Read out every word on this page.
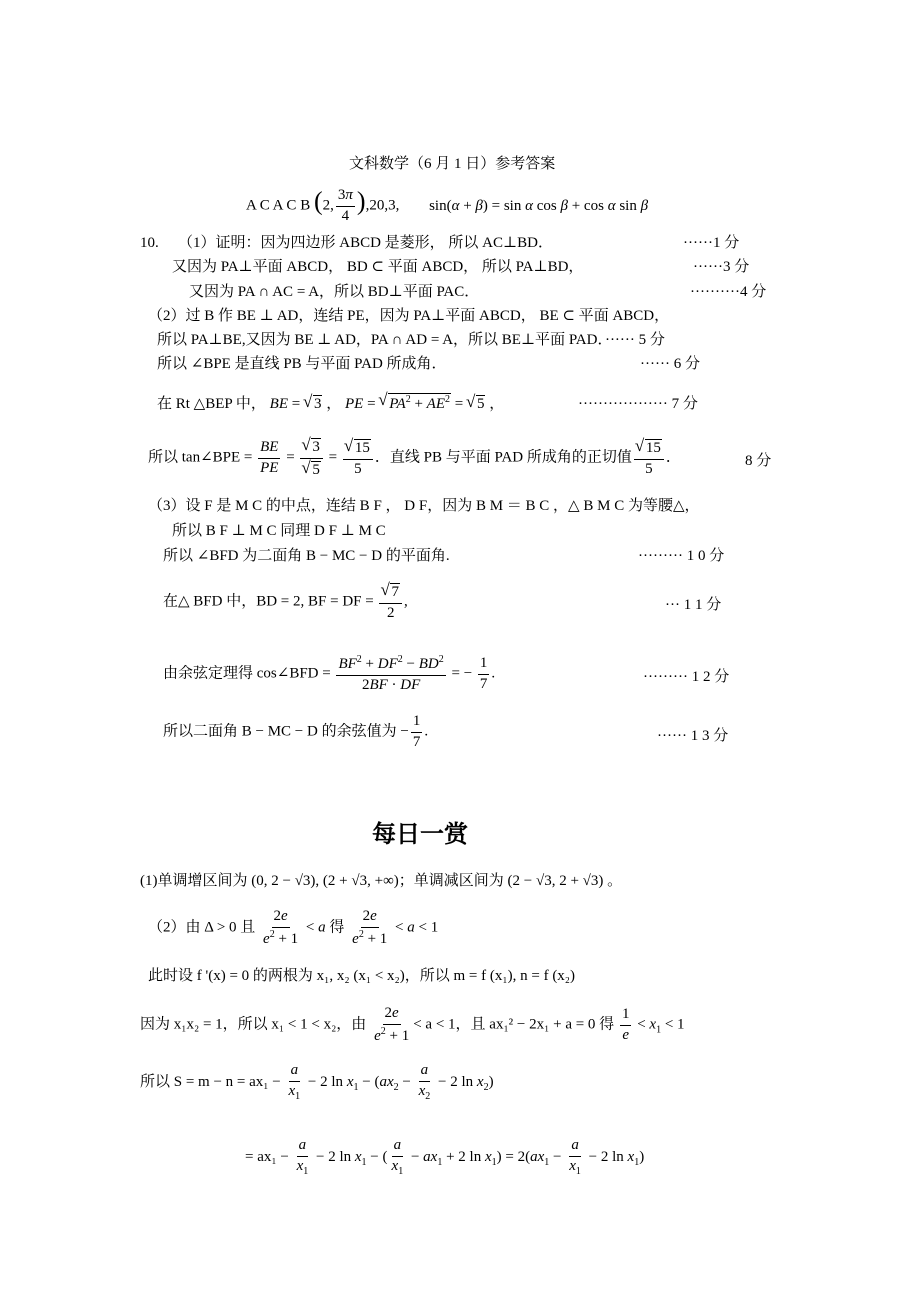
文科数学（6 月 1 日）参考答案
A C A C B (2, $\frac{3\pi}{4} ),20,3$, sin(α + β) = sin α cos β + cos α sin β
10. （1）证明：因为四边形 ABCD 是菱形， 所以 AC⊥BD．	······1 分
又因为 PA⊥平面 ABCD， BD ⊂ 平面 ABCD， 所以 PA⊥BD，	······3 分
又因为 PA ∩ AC = A，所以 BD⊥平面 PAC．	··········4 分
（2）过 B 作 BE ⊥ AD，连结 PE，因为 PA⊥平面 ABCD， BE ⊂ 平面 ABCD，
所以 PA⊥BE,又因为 BE ⊥ AD，PA ∩ AD = A，所以 BE⊥平面 PAD．······ 5 分
所以 ∠BPE 是直线 PB 与平面 PAD 所成角．	······ 6 分
在 Rt △BEP 中， BE = √ 3 ， PE = √ $PA^2 + AE^2$ = √ 5 ，	·················· 7 分
所以 tan∠BPE = $\frac{BE}{PE}$ = √ 3
√ 5 = √ $\frac{15}{5}$ ．直线 PB 与平面 PAD 所成角的正切值 √ $\frac{15}{5}$ ．	8 分
（3）设 F 是 M C 的中点，连结 B F ， D F，因为 B M ＝ B C ，△ B M C 为等腰△，
所以 B F ⊥ M C 同理 D F ⊥ M C
所以 ∠BFD 为二面角 B − MC − D 的平面角.	········· 1 0 分
在△ BFD 中，BD = 2, BF = DF = √ $\frac{7}{2}$ ,	··· 1 1 分
由余弦定理得 cos∠BFD = $\frac{BF^2 + DF^2 - BD^2}{2BF \cdot DF}$ = − $\frac{1}{7}$ .	········· 1 2 分
所以二面角 B − MC − D 的余弦值为 − $\frac{1}{7}$ .	······ 1 3 分
每日一赏
(1)单调增区间为 (0, 2 − √3), (2 + √3, +∞)；单调减区间为 (2 − √3, 2 + √3) 。
（2）由 Δ > 0 且 $\frac{2e}{e^2 + 1} < a$ 得 $\frac{2e}{e^2 + 1} < a < 1$
此时设 f '(x) = 0 的两根为 x₁, x₂ (x₁ < x₂)，所以 m = f (x₁), n = f (x₂)
因为 x₁x₂ = 1，所以 x₁ < 1 < x₂，由 $\frac{2e}{e^2 + 1} < a < 1$，且 ax₁² − 2x₁ + a = 0 得 $\frac{1}{e} < x_1 < 1$
所以 $S = m - n = ax_1 - \frac{a}{x_1} - 2$ $\ln x_1 - (ax_2 - \frac{a}{x_2} - 2$ $\ln x_2$)
= $ax_1 - \frac{a}{x_1} - 2$ $\ln x_1$ − ( $\frac{a}{x_1} - ax_1 + 2$ $\ln x_1) = 2(ax_1 - \frac{a}{x_1} - 2$ $\ln x_1$)
